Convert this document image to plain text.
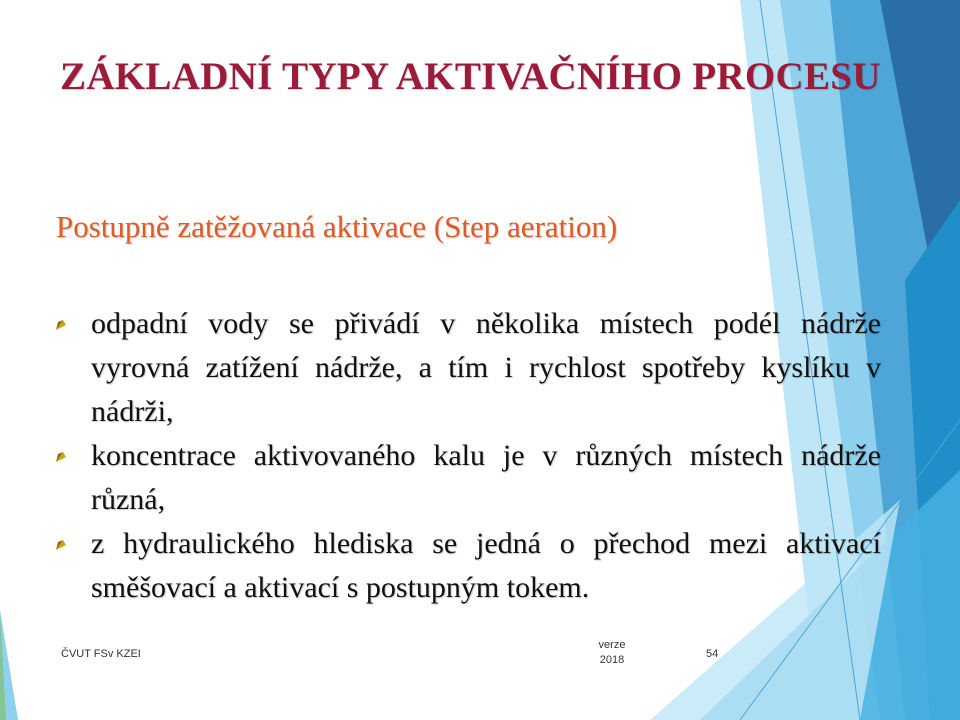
ZÁKLADNÍ TYPY AKTIVAČNÍHO PROCESU
Postupně zatěžovaná aktivace (Step aeration)
odpadní vody se přivádí v několika místech podél nádrže vyrovná zatížení nádrže, a tím i rychlost spotřeby kyslíku v nádrži,
koncentrace aktivovaného kalu je v různých místech nádrže různá,
z hydraulického hlediska se jedná o přechod mezi aktivací směšovací a aktivací s postupným tokem.
ČVUT FSv KZEI
verze
2018	54
